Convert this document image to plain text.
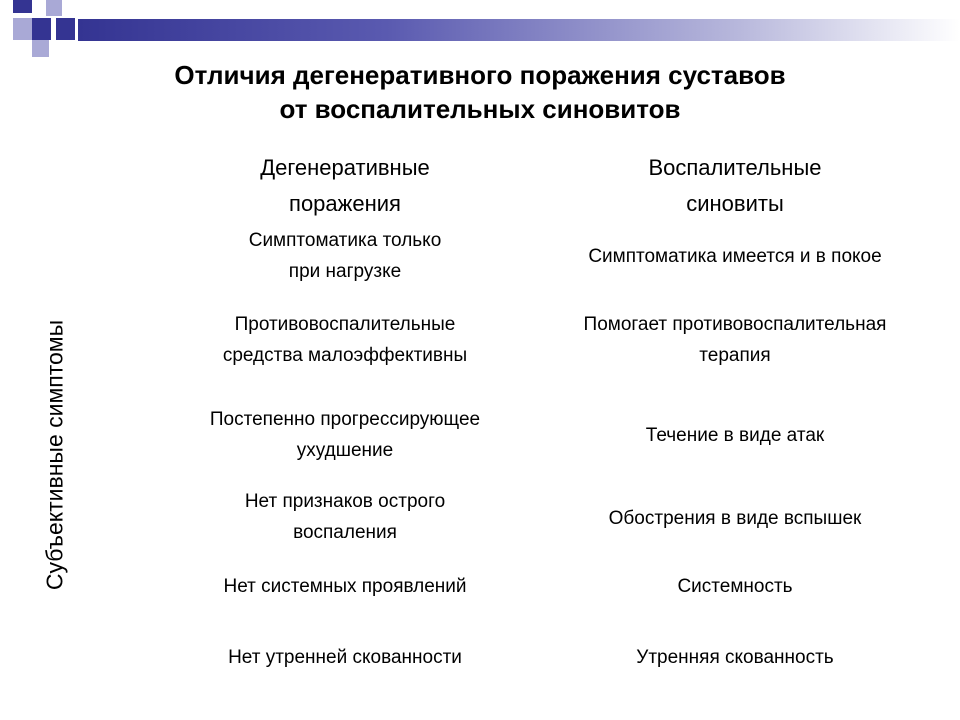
Отличия дегенеративного поражения суставов
от воспалительных синовитов
Субъективные симптомы
Дегенеративные
поражения
Воспалительные
синовиты
Симптоматика только
при нагрузке
Симптоматика имеется и в покое
Противовоспалительные
средства малоэффективны
Помогает противовоспалительная
терапия
Постепенно прогрессирующее
ухудшение
Течение в виде атак
Нет признаков острого
воспаления
Обострения в виде вспышек
Нет системных проявлений	Системность
Нет утренней скованности	Утренняя скованность
